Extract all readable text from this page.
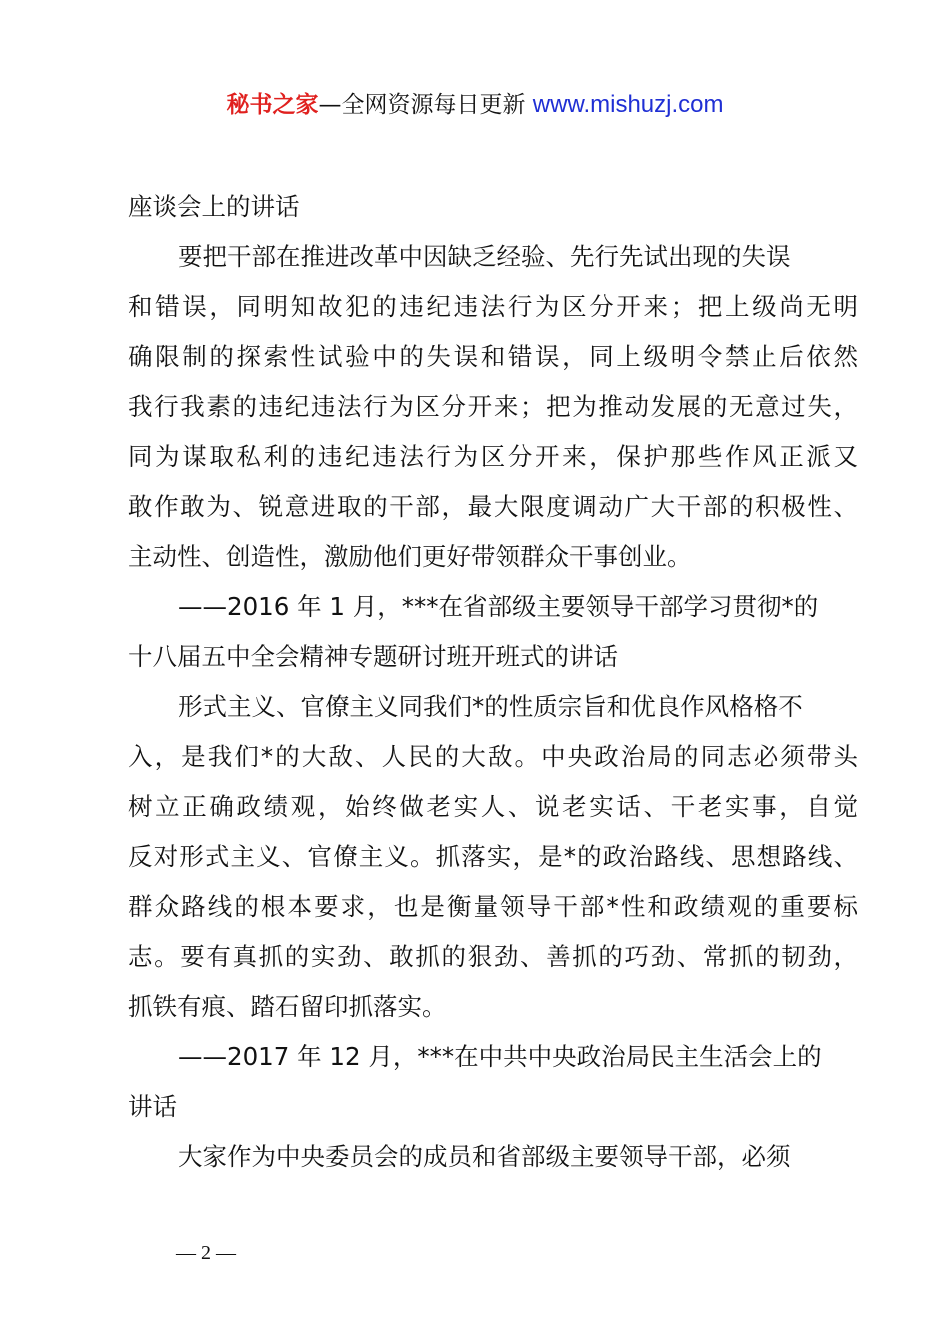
秘书之家—全网资源每日更新 www.mishuzj.com
座谈会上的讲话
要把干部在推进改革中因缺乏经验、先行先试出现的失误
和错误，同明知故犯的违纪违法行为区分开来；把上级尚无明
确限制的探索性试验中的失误和错误，同上级明令禁止后依然
我行我素的违纪违法行为区分开来；把为推动发展的无意过失，
同为谋取私利的违纪违法行为区分开来，保护那些作风正派又
敢作敢为、锐意进取的干部，最大限度调动广大干部的积极性、
主动性、创造性，激励他们更好带领群众干事创业。
——2016 年 1 月，***在省部级主要领导干部学习贯彻*的
十八届五中全会精神专题研讨班开班式的讲话
形式主义、官僚主义同我们*的性质宗旨和优良作风格格不
入，是我们*的大敌、人民的大敌。中央政治局的同志必须带头
树立正确政绩观，始终做老实人、说老实话、干老实事，自觉
反对形式主义、官僚主义。抓落实，是*的政治路线、思想路线、
群众路线的根本要求，也是衡量领导干部*性和政绩观的重要标
志。要有真抓的实劲、敢抓的狠劲、善抓的巧劲、常抓的韧劲，
抓铁有痕、踏石留印抓落实。
——2017 年 12 月，***在中共中央政治局民主生活会上的
讲话
大家作为中央委员会的成员和省部级主要领导干部，必须
— 2 —
